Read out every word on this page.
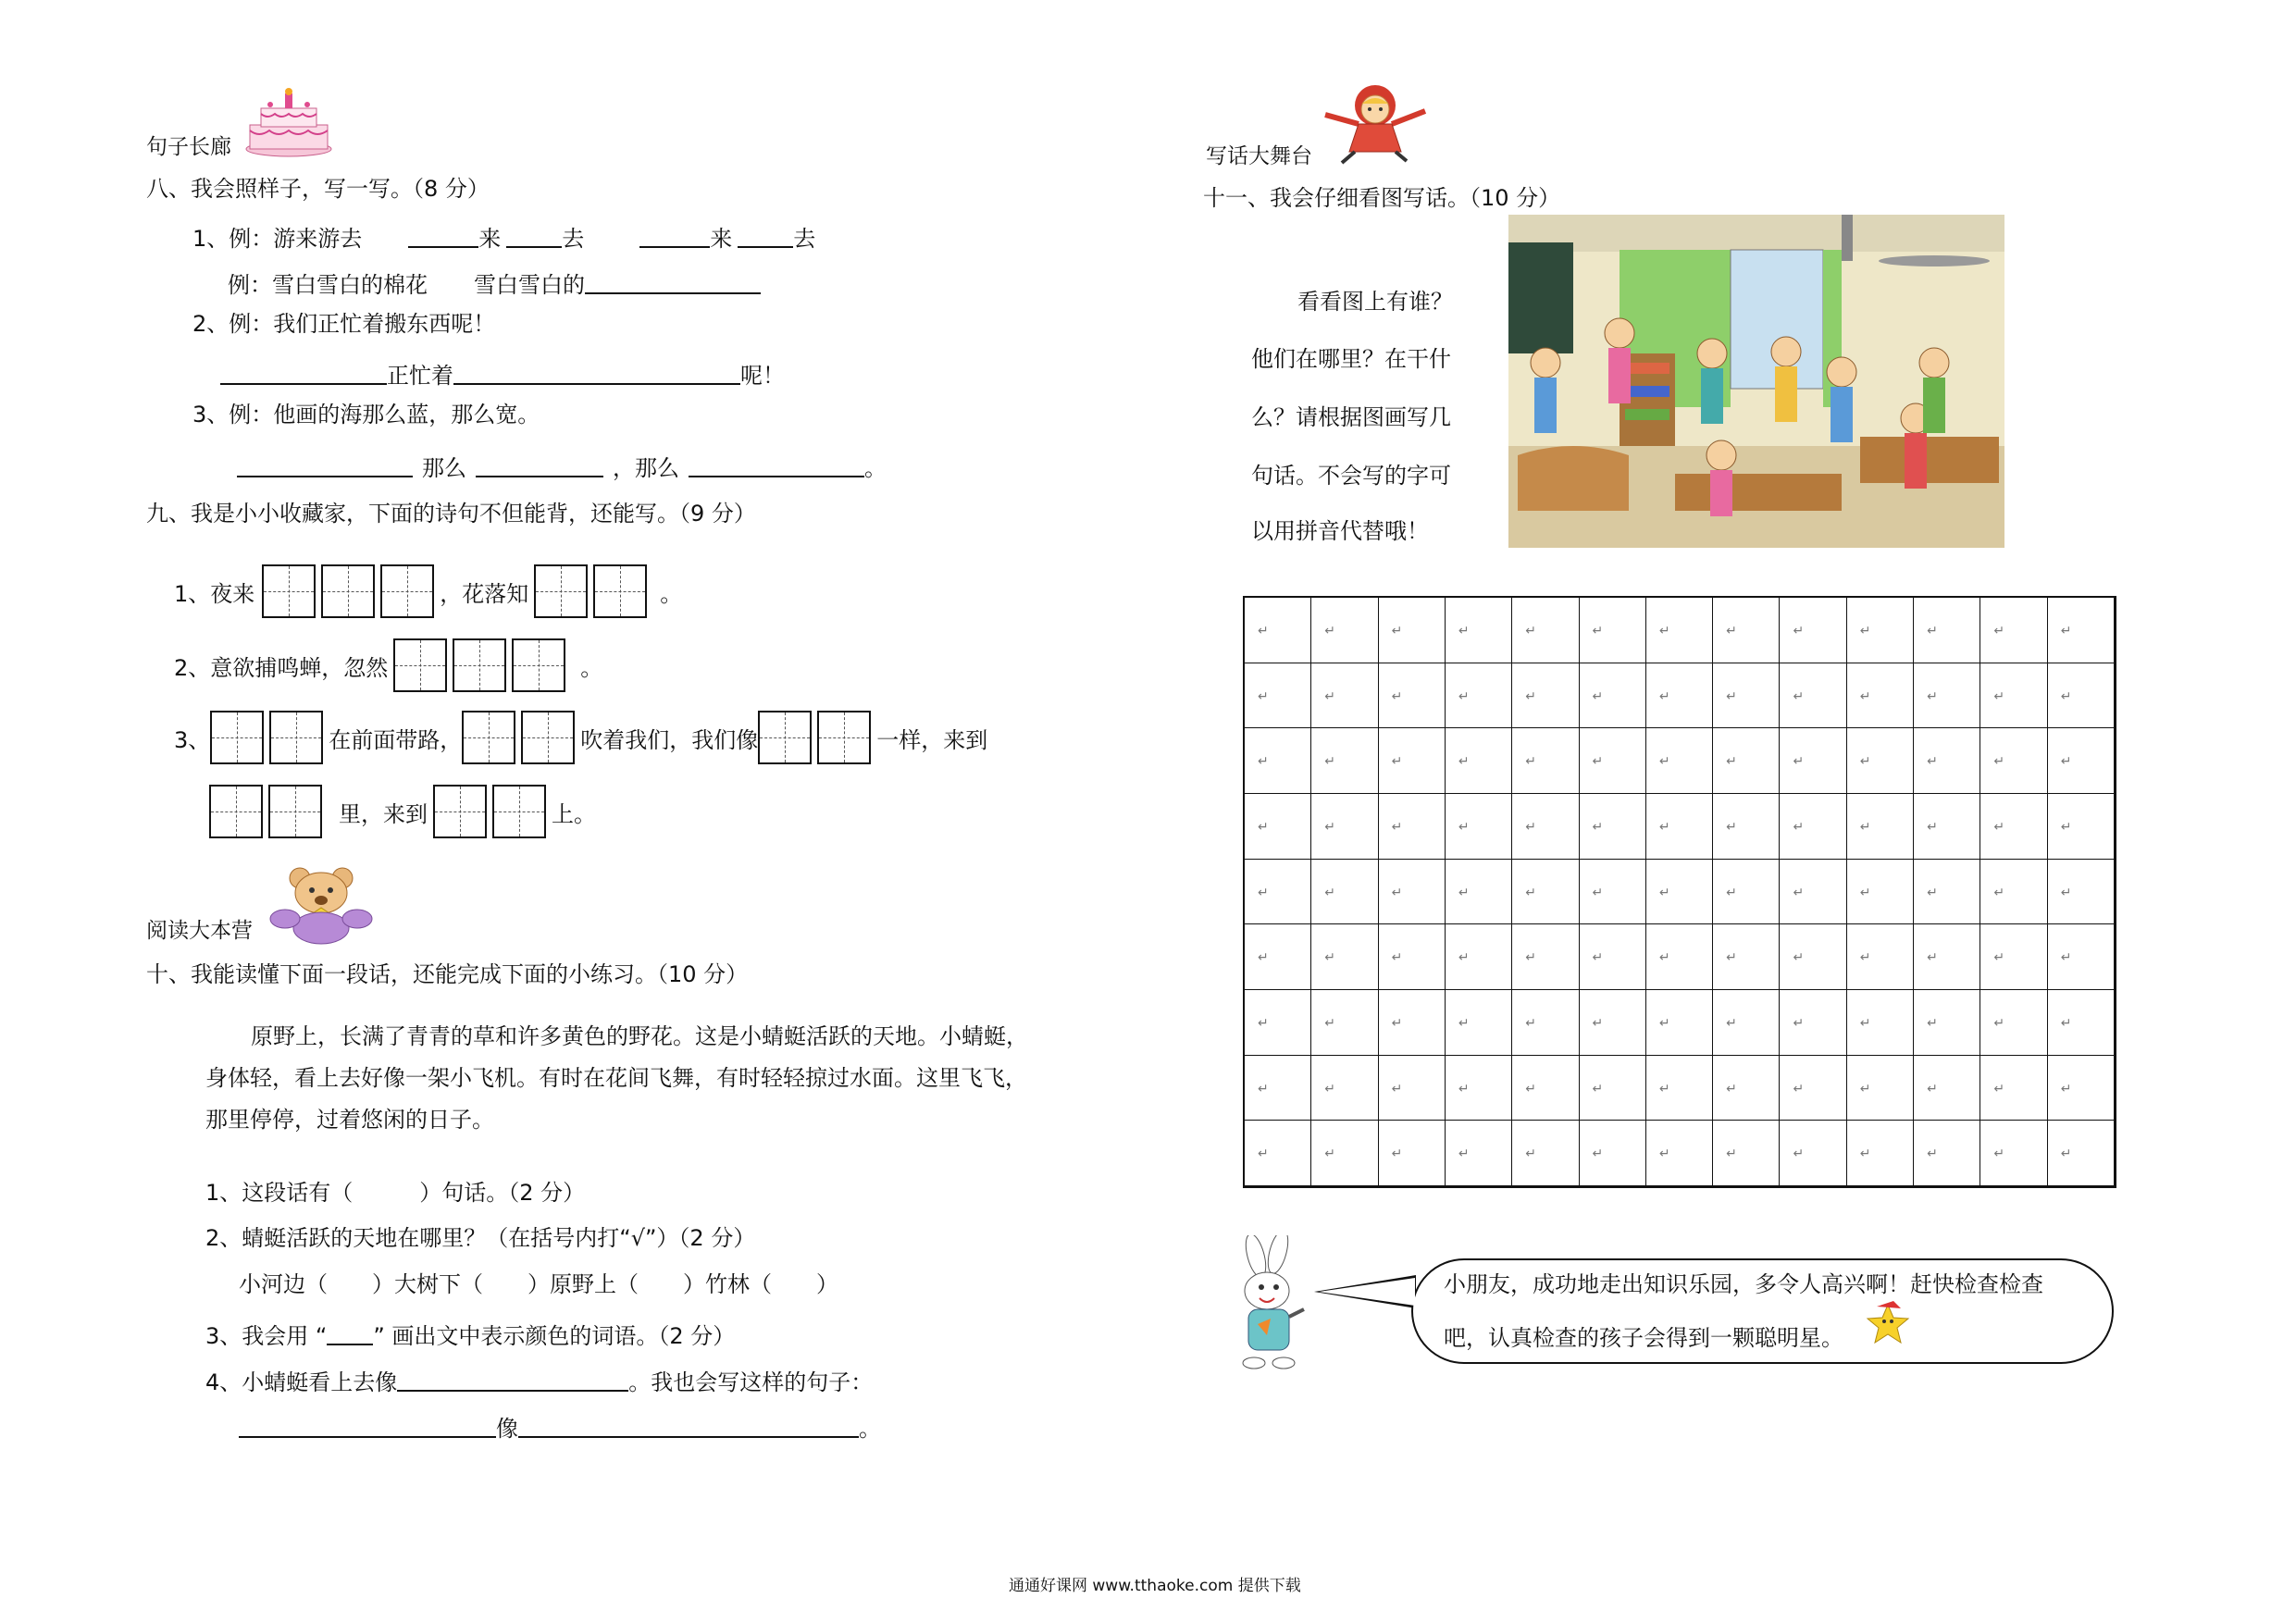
句子长廊
八、我会照样子，写一写。（8 分）
1、例：游来游去	来	去	来	去
例：雪白雪白的棉花 雪白雪白的
2、例：我们正忙着搬东西呢！
正忙着	呢！
3、例：他画的海那么蓝，那么宽。
那么	，那么	。
九、我是小小收藏家，下面的诗句不但能背，还能写。（9 分）
1、夜来	，花落知	。
2、意欲捕鸣蝉，忽然	。
3、	在前面带路，	吹着我们，我们像	一样，来到
里，来到	上。
阅读大本营
十、我能读懂下面一段话，还能完成下面的小练习。（10 分）
原野上，长满了青青的草和许多黄色的野花。这是小蜻蜓活跃的天地。小蜻蜓，
身体轻，看上去好像一架小飞机。有时在花间飞舞，有时轻轻掠过水面。这里飞飞，
那里停停，过着悠闲的日子。
1、这段话有（　　　）句话。（2 分）
2、蜻蜓活跃的天地在哪里？（在括号内打“√”）（2 分）
小河边（　　）大树下（　　）原野上（　　）竹林（　　）
3、我会用 “ ” 画出文中表示颜色的词语。（2 分）
4、小蜻蜓看上去像	。我也会写这样的句子：
像	。
写话大舞台
十一、我会仔细看图写话。（10 分）
看看图上有谁？
他们在哪里？在干什
么？请根据图画写几
句话。不会写的字可
以用拼音代替哦！
↵	↵	↵	↵	↵	↵	↵	↵	↵	↵	↵	↵	↵
↵	↵	↵	↵	↵	↵	↵	↵	↵	↵	↵	↵	↵
↵	↵	↵	↵	↵	↵	↵	↵	↵	↵	↵	↵	↵
↵	↵	↵	↵	↵	↵	↵	↵	↵	↵	↵	↵	↵
↵	↵	↵	↵	↵	↵	↵	↵	↵	↵	↵	↵	↵
↵	↵	↵	↵	↵	↵	↵	↵	↵	↵	↵	↵	↵
↵	↵	↵	↵	↵	↵	↵	↵	↵	↵	↵	↵	↵
↵	↵	↵	↵	↵	↵	↵	↵	↵	↵	↵	↵	↵
↵	↵	↵	↵	↵	↵	↵	↵	↵	↵	↵	↵	↵
小朋友，成功地走出知识乐园，多令人高兴啊！赶快检查检查
吧，认真检查的孩子会得到一颗聪明星。
通通好课网 www.tthaoke.com 提供下载
